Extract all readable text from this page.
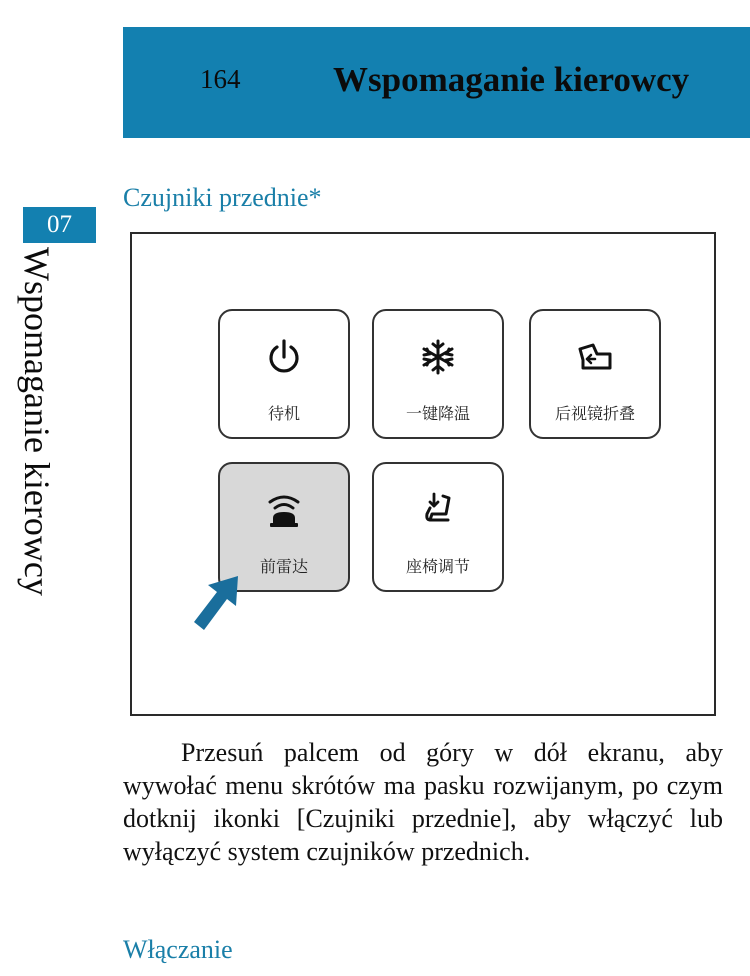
164	Wspomaganie kierowcy
07
Wspomaganie kierowcy
Czujniki przednie*
待机	一键降温	后视镜折叠
前雷达	座椅调节

Przesuń palcem od góry w dół ekranu, aby wywołać menu skrótów ma pasku rozwijanym, po czym dotknij ikonki [Czujniki przednie], aby włączyć lub wyłączyć system czujników przednich.

Włączanie
